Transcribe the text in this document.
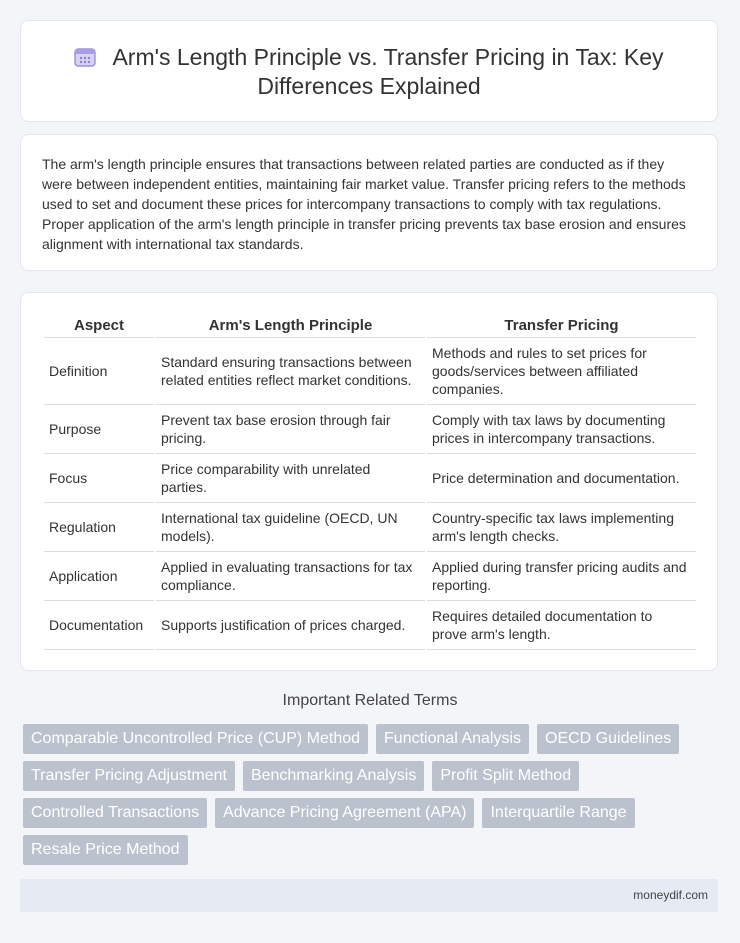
Arm's Length Principle vs. Transfer Pricing in Tax: Key Differences Explained

The arm's length principle ensures that transactions between related parties are conducted as if they were between independent entities, maintaining fair market value. Transfer pricing refers to the methods used to set and document these prices for intercompany transactions to comply with tax regulations. Proper application of the arm's length principle in transfer pricing prevents tax base erosion and ensures alignment with international tax standards.

Aspect	Arm's Length Principle	Transfer Pricing
Definition	Standard ensuring transactions between related entities reflect market conditions.	Methods and rules to set prices for goods/services between affiliated companies.
Purpose	Prevent tax base erosion through fair pricing.	Comply with tax laws by documenting prices in intercompany transactions.
Focus	Price comparability with unrelated parties.	Price determination and documentation.
Regulation	International tax guideline (OECD, UN models).	Country-specific tax laws implementing arm's length checks.
Application	Applied in evaluating transactions for tax compliance.	Applied during transfer pricing audits and reporting.
Documentation	Supports justification of prices charged.	Requires detailed documentation to prove arm's length.
Important Related Terms
Comparable Uncontrolled Price (CUP) Method	Functional Analysis	OECD Guidelines
Transfer Pricing Adjustment	Benchmarking Analysis	Profit Split Method
Controlled Transactions	Advance Pricing Agreement (APA)	Interquartile Range
Resale Price Method
moneydif.com
